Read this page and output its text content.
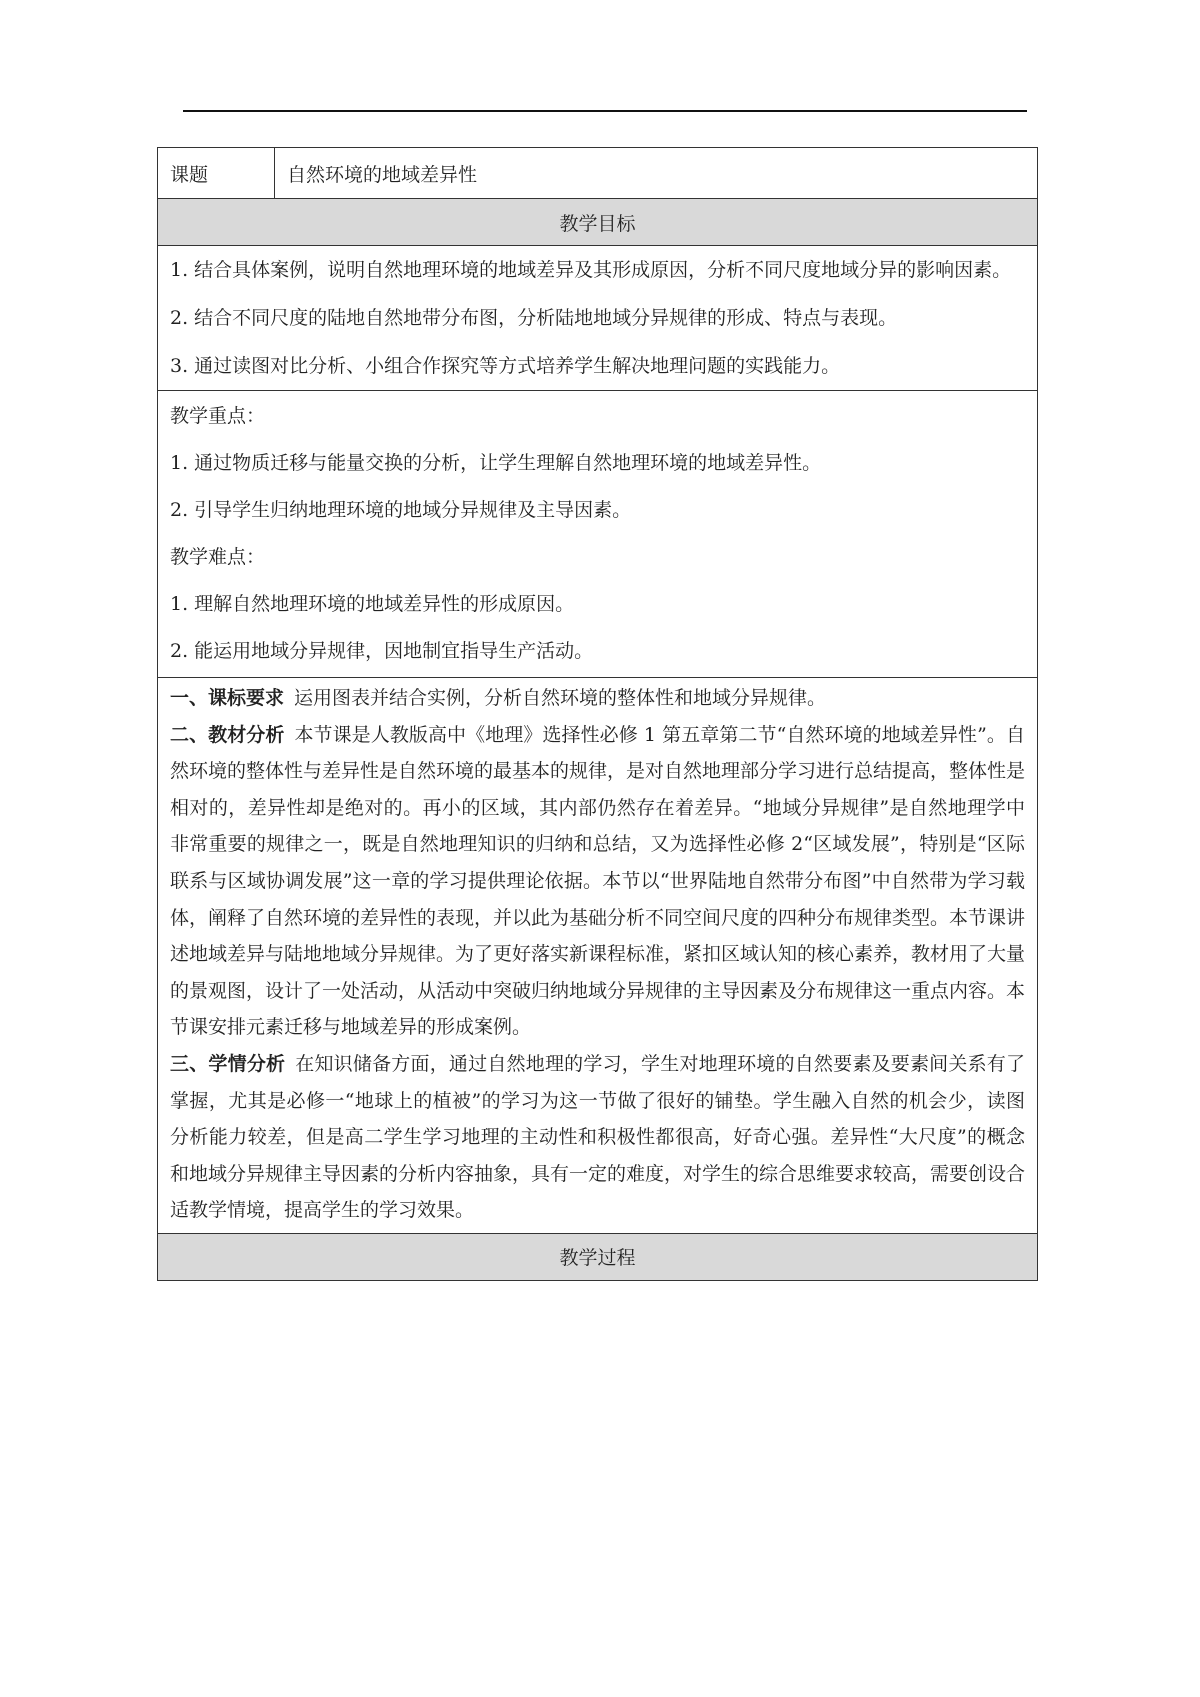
课题	自然环境的地域差异性
教学目标

1. 结合具体案例，说明自然地理环境的地域差异及其形成原因，分析不同尺度地域分异的影响因素。

2. 结合不同尺度的陆地自然地带分布图，分析陆地地域分异规律的形成、特点与表现。

3. 通过读图对比分析、小组合作探究等方式培养学生解决地理问题的实践能力。

教学重点：

1. 通过物质迁移与能量交换的分析，让学生理解自然地理环境的地域差异性。

2. 引导学生归纳地理环境的地域分异规律及主导因素。

教学难点：

1. 理解自然地理环境的地域差异性的形成原因。

2. 能运用地域分异规律，因地制宜指导生产活动。

一、课标要求 运用图表并结合实例，分析自然环境的整体性和地域分异规律。

二、教材分析 本节课是人教版高中《地理》选择性必修 1 第五章第二节“自然环境的地域差异性”。自然环境的整体性与差异性是自然环境的最基本的规律，是对自然地理部分学习进行总结提高，整体性是相对的，差异性却是绝对的。再小的区域，其内部仍然存在着差异。“地域分异规律”是自然地理学中非常重要的规律之一，既是自然地理知识的归纳和总结，又为选择性必修 2“区域发展”，特别是“区际联系与区域协调发展”这一章的学习提供理论依据。本节以“世界陆地自然带分布图”中自然带为学习载体，阐释了自然环境的差异性的表现，并以此为基础分析不同空间尺度的四种分布规律类型。本节课讲述地域差异与陆地地域分异规律。为了更好落实新课程标准，紧扣区域认知的核心素养，教材用了大量的景观图，设计了一处活动，从活动中突破归纳地域分异规律的主导因素及分布规律这一重点内容。本节课安排元素迁移与地域差异的形成案例。

三、学情分析 在知识储备方面，通过自然地理的学习，学生对地理环境的自然要素及要素间关系有了掌握，尤其是必修一“地球上的植被”的学习为这一节做了很好的铺垫。学生融入自然的机会少，读图分析能力较差，但是高二学生学习地理的主动性和积极性都很高，好奇心强。差异性“大尺度”的概念和地域分异规律主导因素的分析内容抽象，具有一定的难度，对学生的综合思维要求较高，需要创设合适教学情境，提高学生的学习效果。

教学过程
